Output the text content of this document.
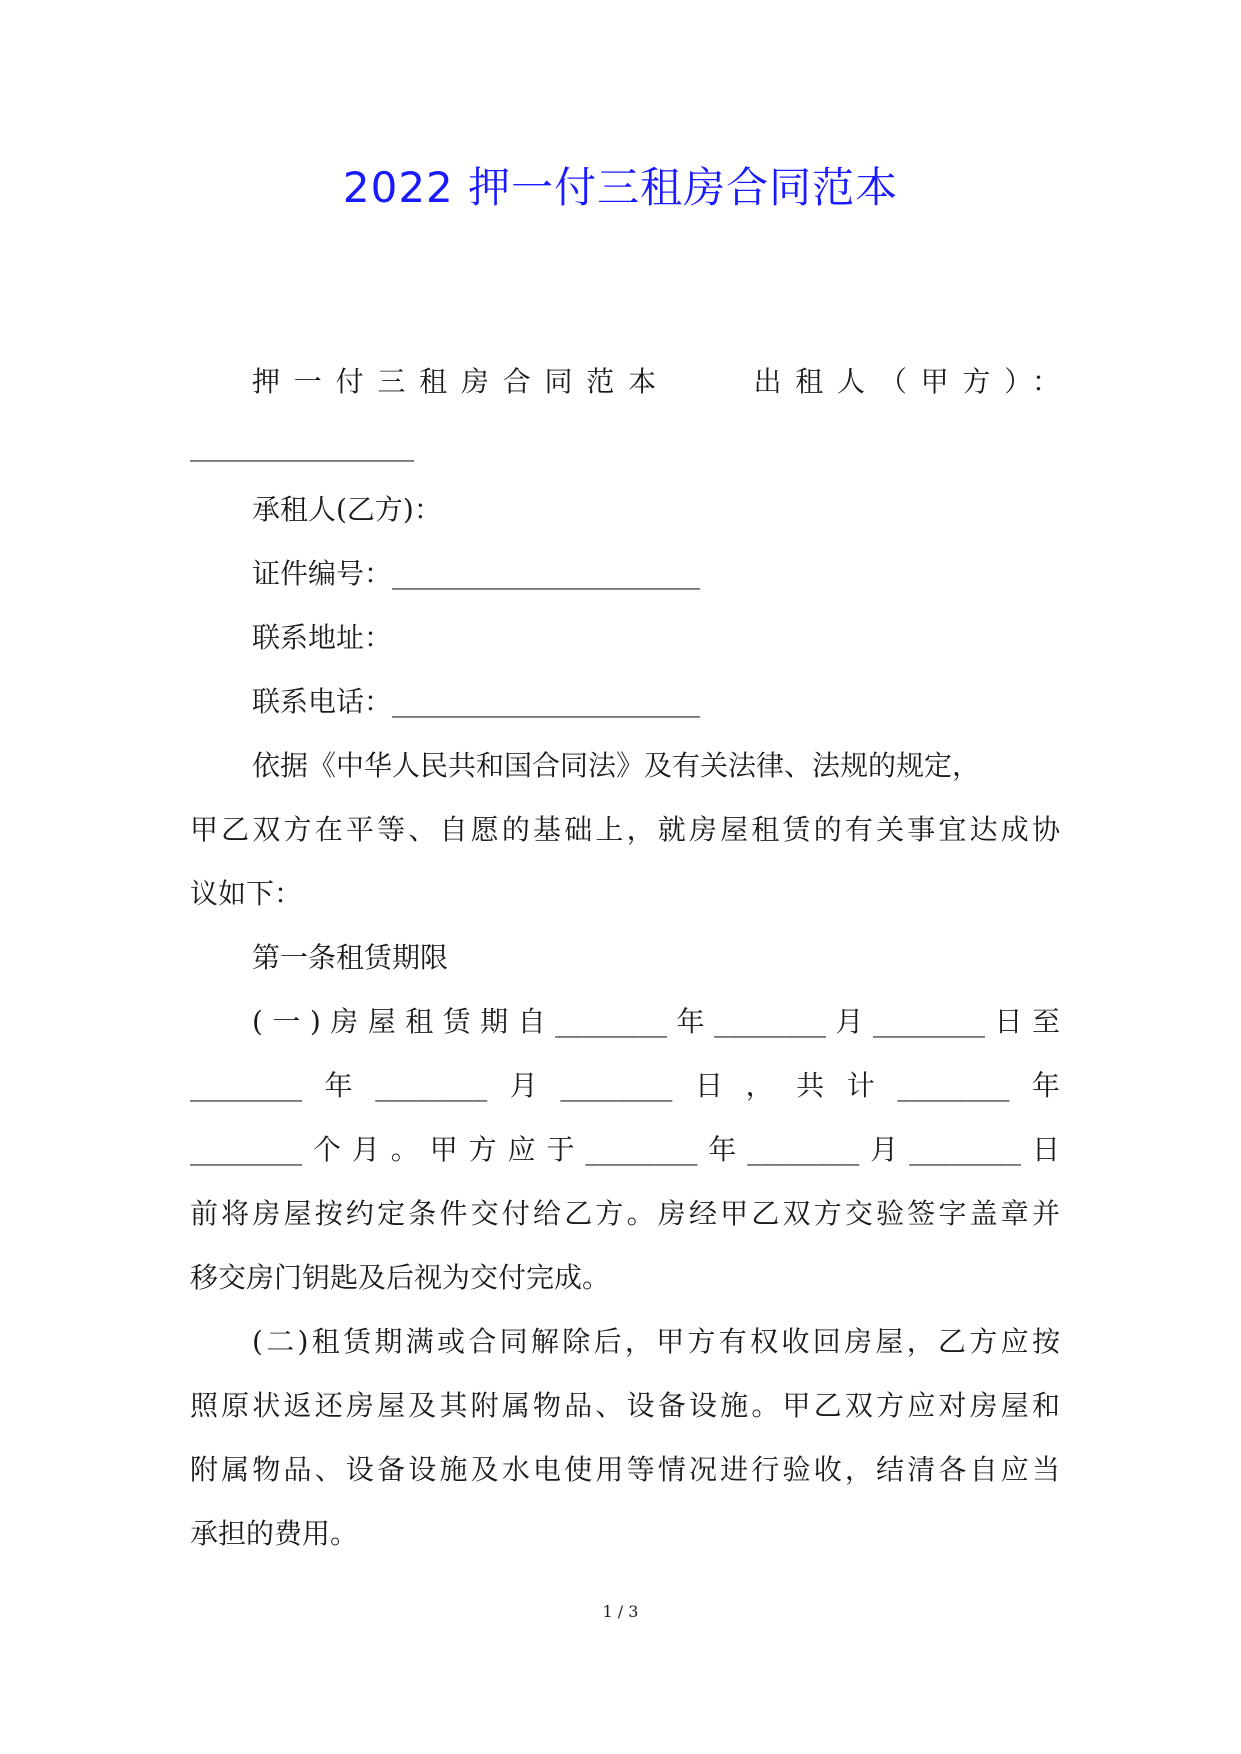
2022 押一付三租房合同范本
押一付三租房合同范本　　出租人（甲方）：
________________
承租人(乙方)：
证件编号：______________________
联系地址：
联系电话：______________________
依据《中华人民共和国合同法》及有关法律、法规的规定，
甲乙双方在平等、自愿的基础上，就房屋租赁的有关事宜达成协
议如下：
第一条租赁期限
(一)房屋租赁期自________年________月________日至
________年________月________日，共计________年
________个月。甲方应于________年________月________日
前将房屋按约定条件交付给乙方。房经甲乙双方交验签字盖章并
移交房门钥匙及后视为交付完成。
(二)租赁期满或合同解除后，甲方有权收回房屋，乙方应按
照原状返还房屋及其附属物品、设备设施。甲乙双方应对房屋和
附属物品、设备设施及水电使用等情况进行验收，结清各自应当
承担的费用。
1 / 3
